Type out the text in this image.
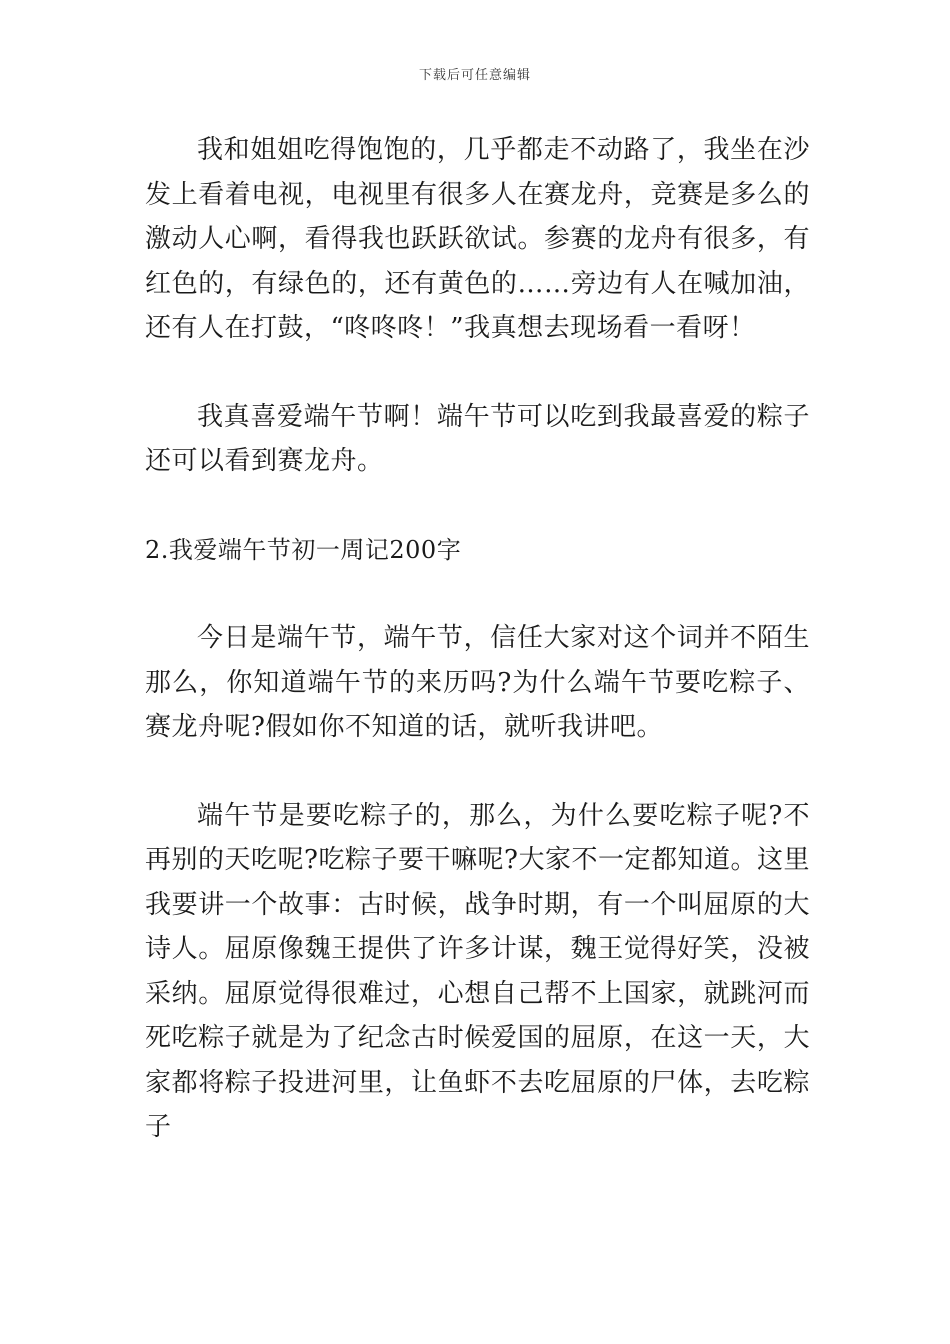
下载后可任意编辑

我和姐姐吃得饱饱的，几乎都走不动路了，我坐在沙发上看着电视，电视里有很多人在赛龙舟，竞赛是多么的激动人心啊，看得我也跃跃欲试。参赛的龙舟有很多，有红色的，有绿色的，还有黄色的……旁边有人在喊加油，还有人在打鼓，“咚咚咚！”我真想去现场看一看呀！

我真喜爱端午节啊！端午节可以吃到我最喜爱的粽子还可以看到赛龙舟。

2.我爱端午节初一周记200字

今日是端午节，端午节，信任大家对这个词并不陌生那么，你知道端午节的来历吗?为什么端午节要吃粽子、赛龙舟呢?假如你不知道的话，就听我讲吧。

端午节是要吃粽子的，那么，为什么要吃粽子呢?不再别的天吃呢?吃粽子要干嘛呢?大家不一定都知道。这里我要讲一个故事：古时候，战争时期，有一个叫屈原的大诗人。屈原像魏王提供了许多计谋，魏王觉得好笑，没被采纳。屈原觉得很难过，心想自己帮不上国家，就跳河而死吃粽子就是为了纪念古时候爱国的屈原，在这一天，大家都将粽子投进河里，让鱼虾不去吃屈原的尸体，去吃粽子
